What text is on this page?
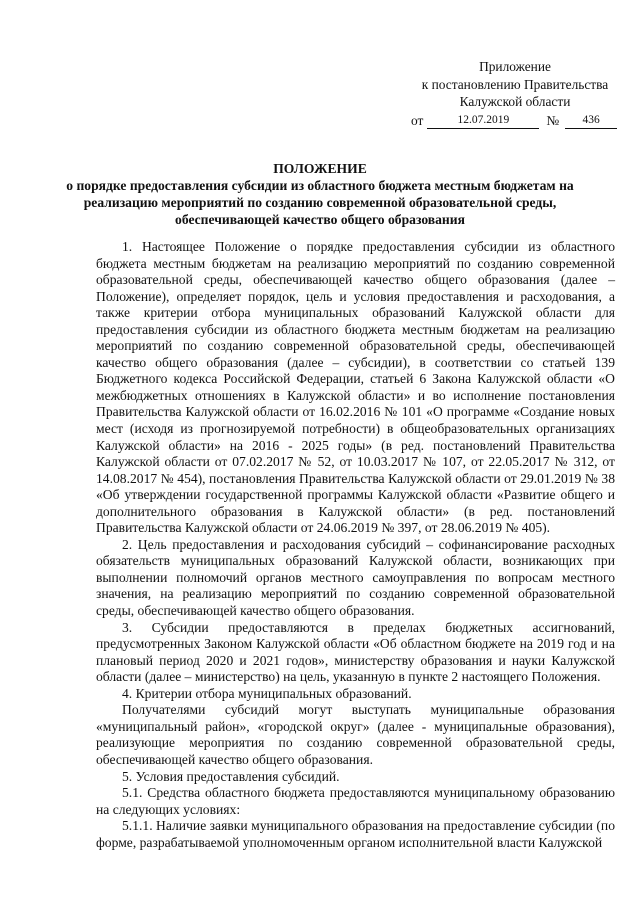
Приложение
к постановлению Правительства
Калужской области
от	12.07.2019	№	436
ПОЛОЖЕНИЕ
о порядке предоставления субсидии из областного бюджета местным бюджетам на реализацию мероприятий по созданию современной образовательной среды, обеспечивающей качество общего образования

1. Настоящее Положение о порядке предоставления субсидии из областного бюджета местным бюджетам на реализацию мероприятий по созданию современной образовательной среды, обеспечивающей качество общего образования (далее – Положение), определяет порядок, цель и условия предоставления и расходования, а также критерии отбора муниципальных образований Калужской области для предоставления субсидии из областного бюджета местным бюджетам на реализацию мероприятий по созданию современной образовательной среды, обеспечивающей качество общего образования (далее – субсидии), в соответствии со статьей 139 Бюджетного кодекса Российской Федерации, статьей 6 Закона Калужской области «О межбюджетных отношениях в Калужской области» и во исполнение постановления Правительства Калужской области от 16.02.2016 № 101 «О программе «Создание новых мест (исходя из прогнозируемой потребности) в общеобразовательных организациях Калужской области» на 2016 - 2025 годы» (в ред. постановлений Правительства Калужской области от 07.02.2017 № 52, от 10.03.2017 № 107, от 22.05.2017 № 312, от 14.08.2017 № 454), постановления Правительства Калужской области от 29.01.2019 № 38 «Об утверждении государственной программы Калужской области «Развитие общего и дополнительного образования в Калужской области» (в ред. постановлений Правительства Калужской области от 24.06.2019 № 397, от 28.06.2019 № 405).

2. Цель предоставления и расходования субсидий – софинансирование расходных обязательств муниципальных образований Калужской области, возникающих при выполнении полномочий органов местного самоуправления по вопросам местного значения, на реализацию мероприятий по созданию современной образовательной среды, обеспечивающей качество общего образования.

3. Субсидии предоставляются в пределах бюджетных ассигнований, предусмотренных Законом Калужской области «Об областном бюджете на 2019 год и на плановый период 2020 и 2021 годов», министерству образования и науки Калужской области (далее – министерство) на цель, указанную в пункте 2 настоящего Положения.

4. Критерии отбора муниципальных образований.

Получателями субсидий могут выступать муниципальные образования «муниципальный район», «городской округ» (далее - муниципальные образования), реализующие мероприятия по созданию современной образовательной среды, обеспечивающей качество общего образования.

5. Условия предоставления субсидий.

5.1. Средства областного бюджета предоставляются муниципальному образованию на следующих условиях:

5.1.1. Наличие заявки муниципального образования на предоставление субсидии (по форме, разрабатываемой уполномоченным органом исполнительной власти Калужской
